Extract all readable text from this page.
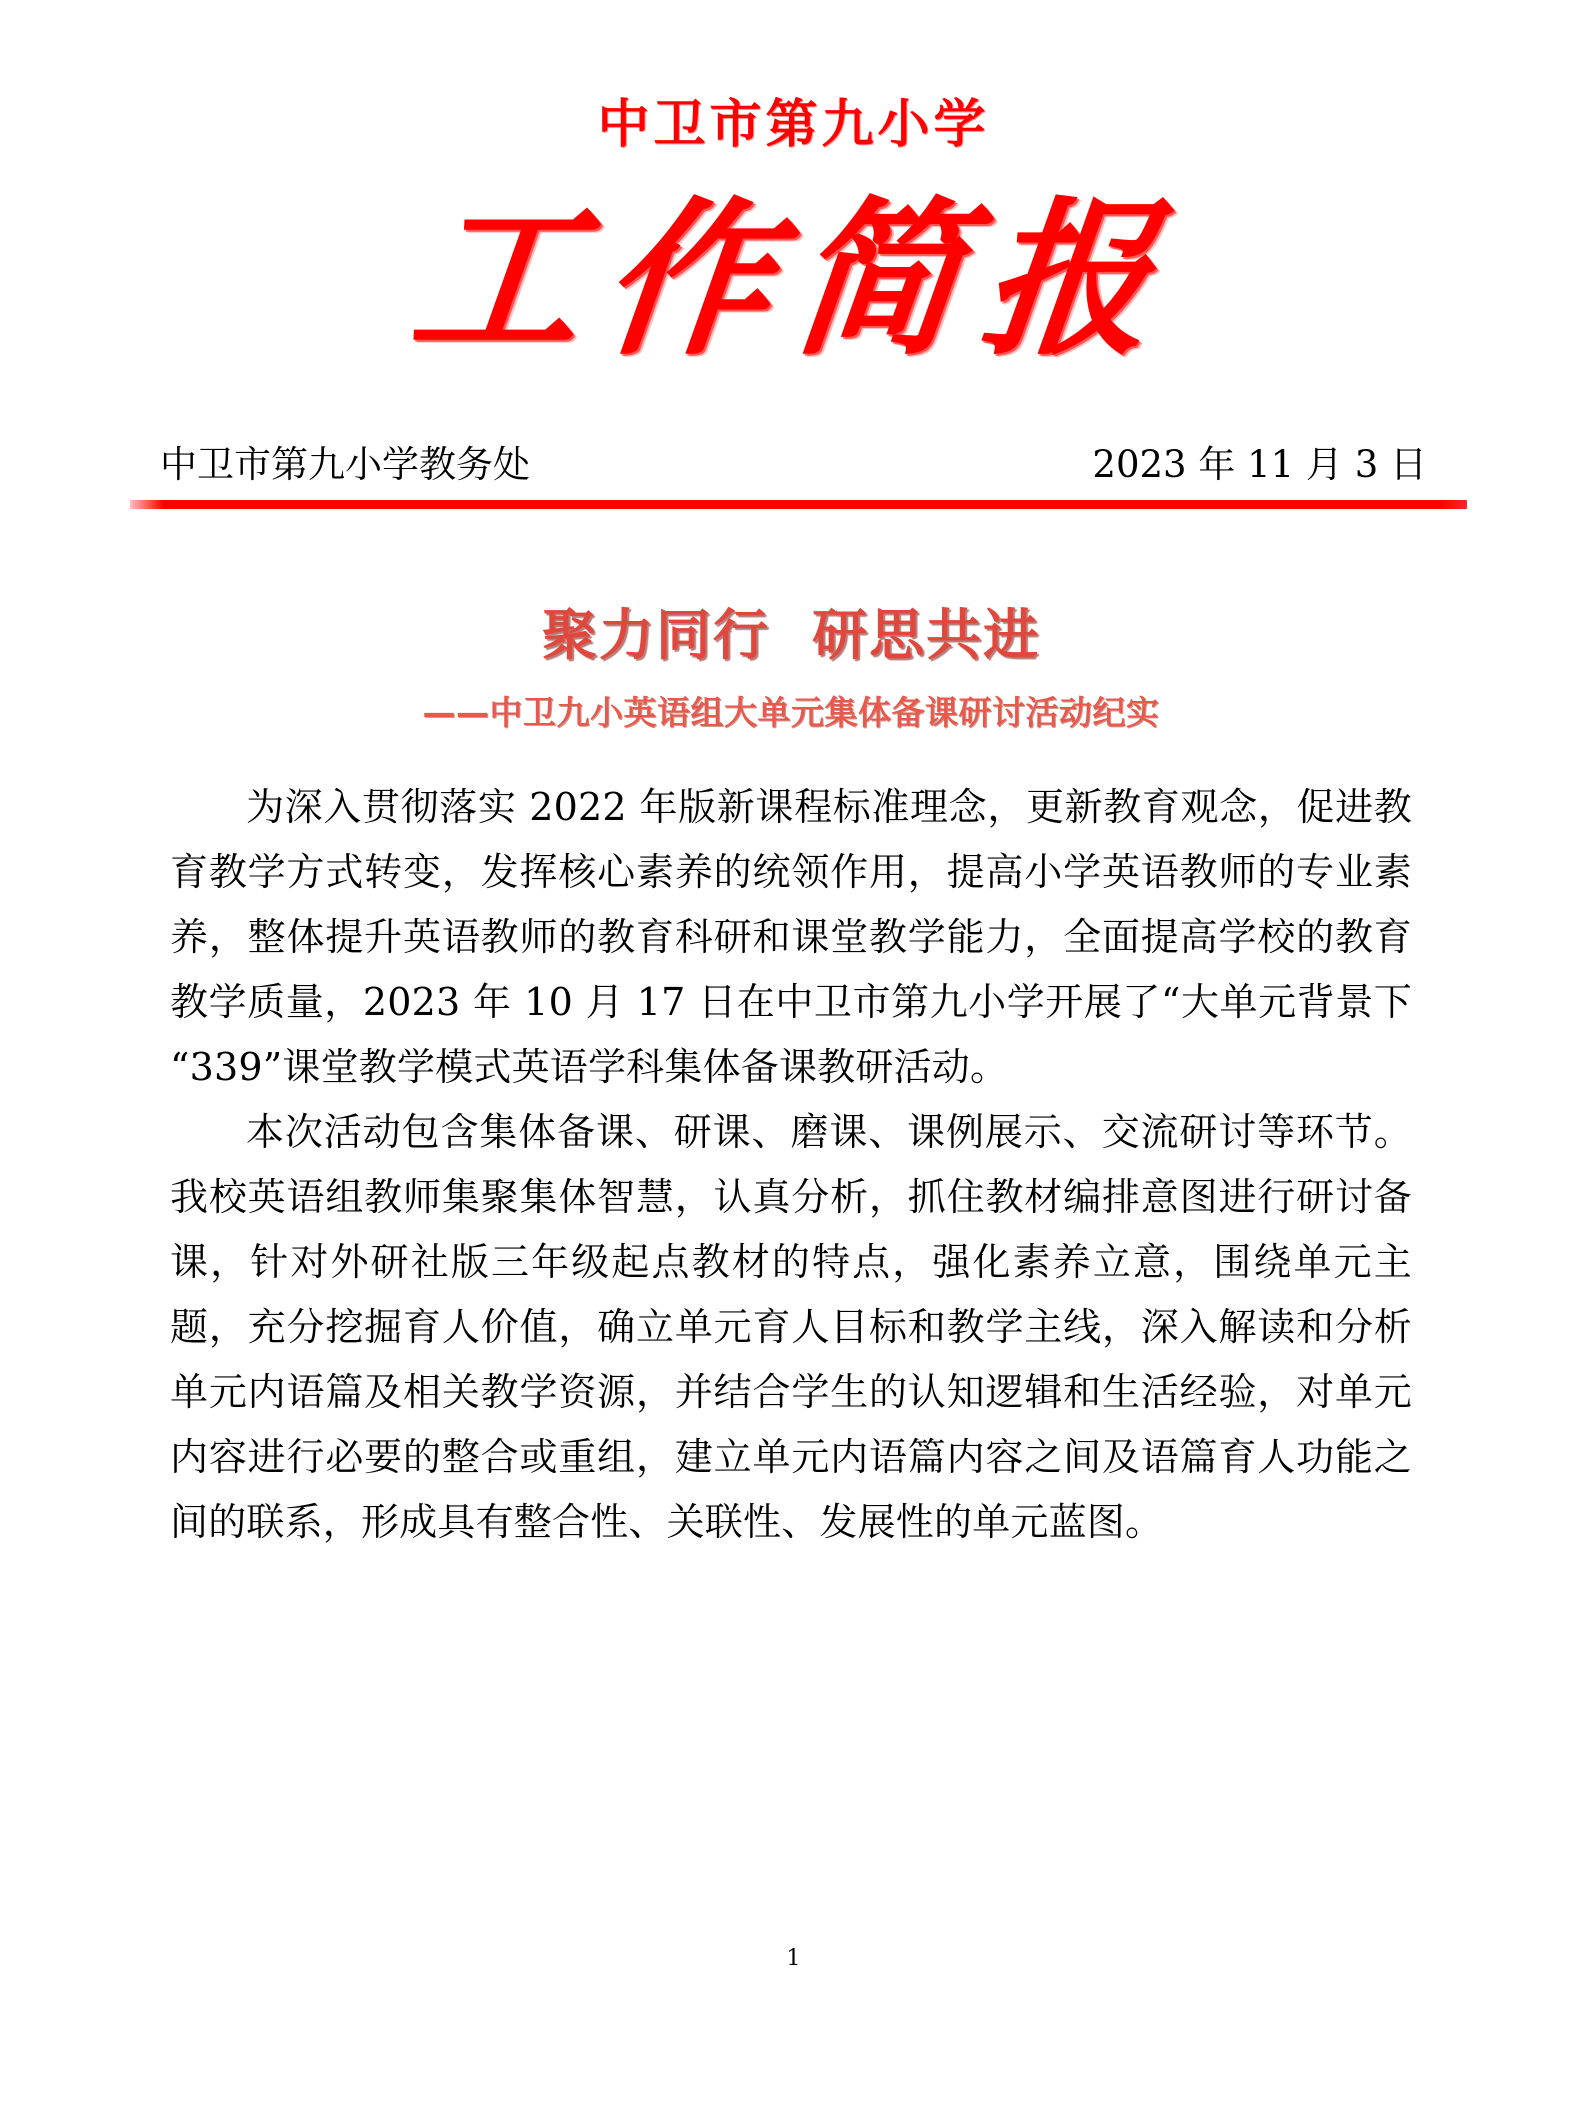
中卫市第九小学
工作简报
中卫市第九小学教务处	2023 年 11 月 3 日
聚力同行  研思共进
——中卫九小英语组大单元集体备课研讨活动纪实

为深入贯彻落实 2022 年版新课程标准理念，更新教育观念，促进教育教学方式转变，发挥核心素养的统领作用，提高小学英语教师的专业素养，整体提升英语教师的教育科研和课堂教学能力，全面提高学校的教育教学质量，2023 年 10 月 17 日在中卫市第九小学开展了“大单元背景下“339”课堂教学模式英语学科集体备课教研活动。

本次活动包含集体备课、研课、磨课、课例展示、交流研讨等环节。我校英语组教师集聚集体智慧，认真分析，抓住教材编排意图进行研讨备课，针对外研社版三年级起点教材的特点，强化素养立意，围绕单元主题，充分挖掘育人价值，确立单元育人目标和教学主线，深入解读和分析单元内语篇及相关教学资源，并结合学生的认知逻辑和生活经验，对单元内容进行必要的整合或重组，建立单元内语篇内容之间及语篇育人功能之间的联系，形成具有整合性、关联性、发展性的单元蓝图。

1
